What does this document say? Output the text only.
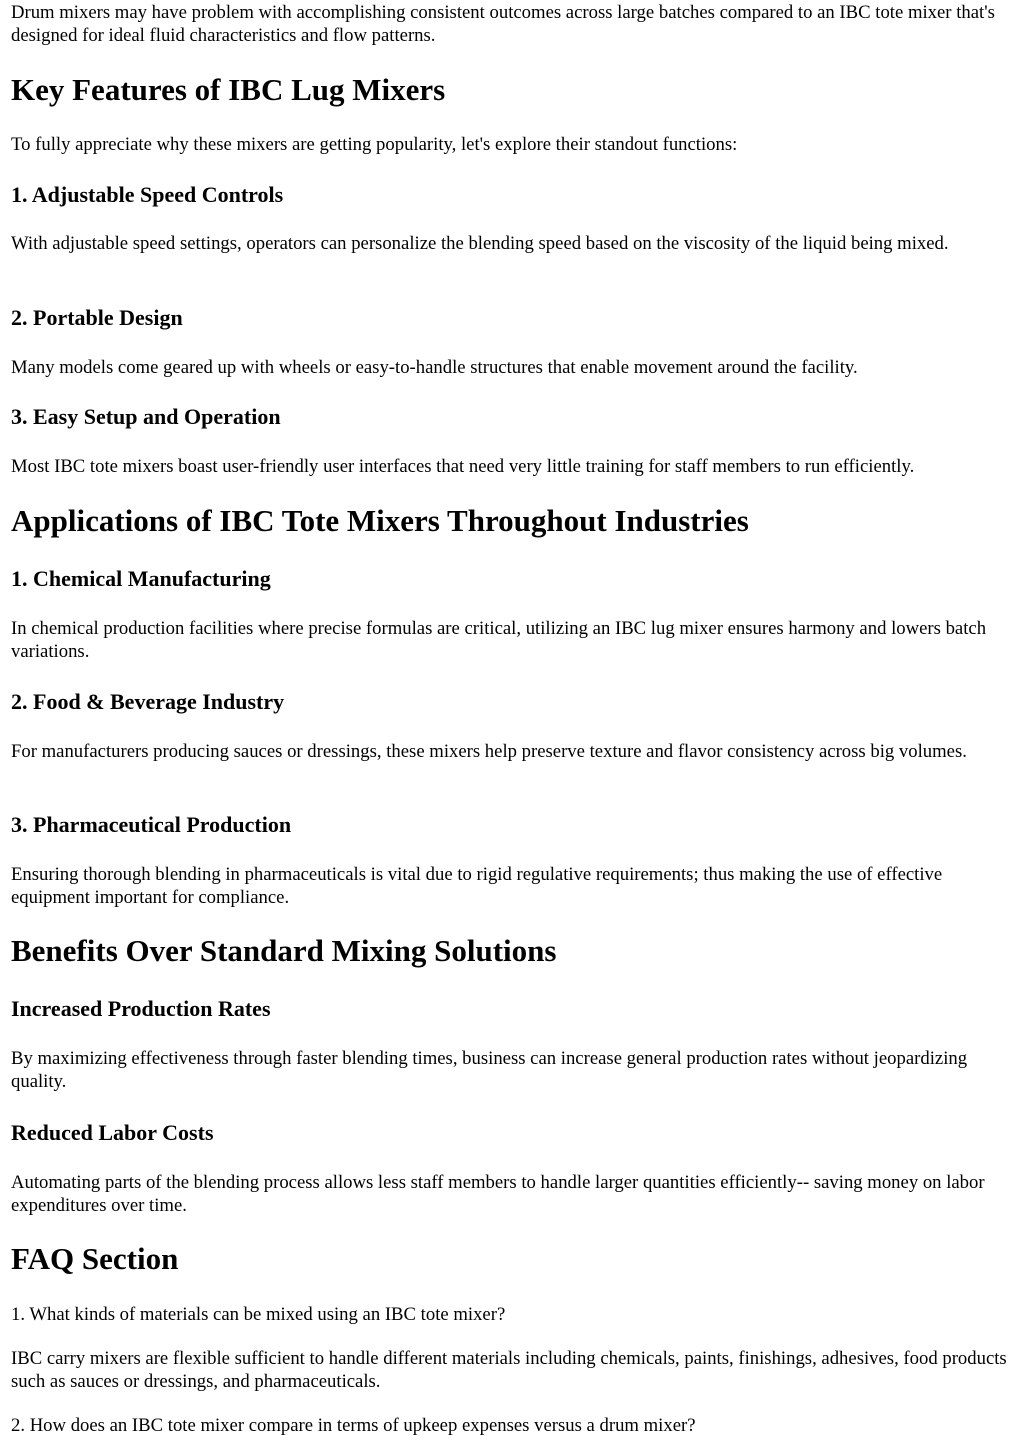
Drum mixers may have problem with accomplishing consistent outcomes across large batches compared to an IBC tote mixer that's designed for ideal fluid characteristics and flow patterns.

Key Features of IBC Lug Mixers

To fully appreciate why these mixers are getting popularity, let's explore their standout functions:

1. Adjustable Speed Controls

With adjustable speed settings, operators can personalize the blending speed based on the viscosity of the liquid being mixed.

2. Portable Design

Many models come geared up with wheels or easy-to-handle structures that enable movement around the facility.

3. Easy Setup and Operation

Most IBC tote mixers boast user-friendly user interfaces that need very little training for staff members to run efficiently.

Applications of IBC Tote Mixers Throughout Industries
1. Chemical Manufacturing

In chemical production facilities where precise formulas are critical, utilizing an IBC lug mixer ensures harmony and lowers batch variations.

2. Food & Beverage Industry

For manufacturers producing sauces or dressings, these mixers help preserve texture and flavor consistency across big volumes.

3. Pharmaceutical Production

Ensuring thorough blending in pharmaceuticals is vital due to rigid regulative requirements; thus making the use of effective equipment important for compliance.

Benefits Over Standard Mixing Solutions
Increased Production Rates

By maximizing effectiveness through faster blending times, business can increase general production rates without jeopardizing quality.

Reduced Labor Costs

Automating parts of the blending process allows less staff members to handle larger quantities efficiently-- saving money on labor expenditures over time.

FAQ Section

1. What kinds of materials can be mixed using an IBC tote mixer?

IBC carry mixers are flexible sufficient to handle different materials including chemicals, paints, finishings, adhesives, food products such as sauces or dressings, and pharmaceuticals.

2. How does an IBC tote mixer compare in terms of upkeep expenses versus a drum mixer?
